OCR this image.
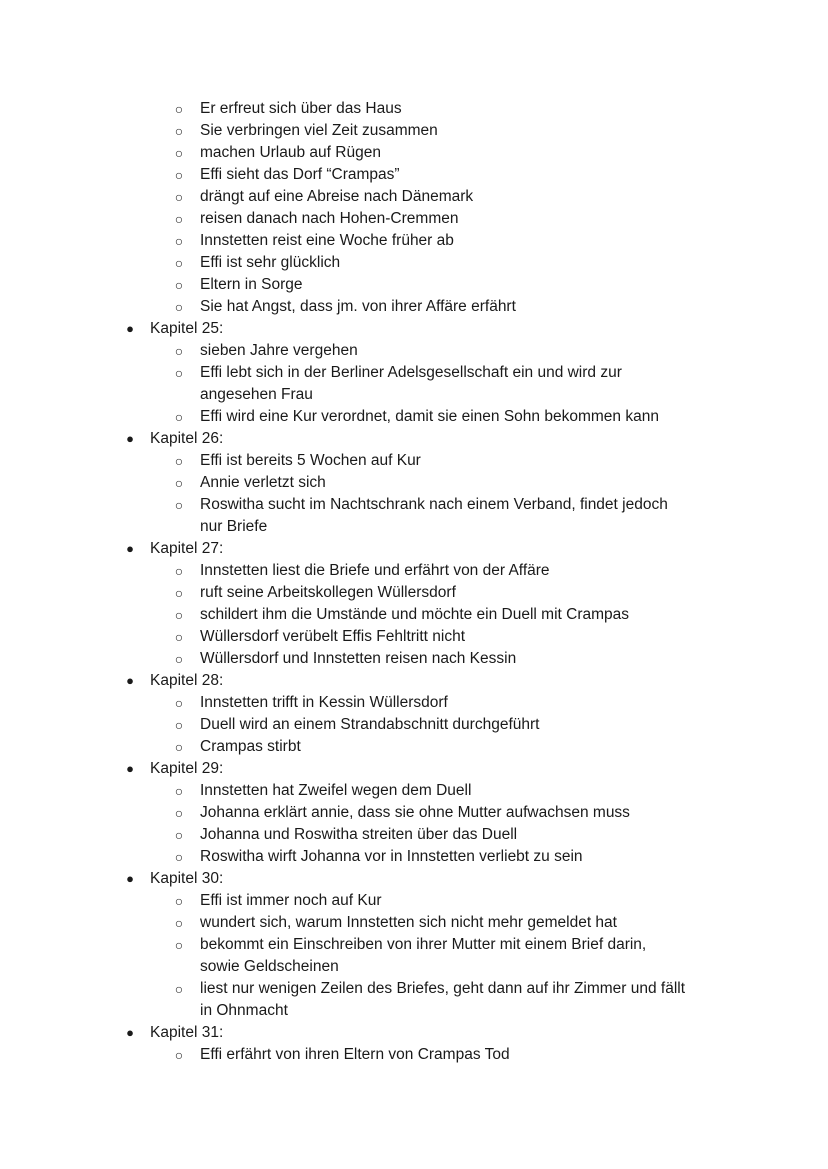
○ Er erfreut sich über das Haus
○ Sie verbringen viel Zeit zusammen
○ machen Urlaub auf Rügen
○ Effi sieht das Dorf “Crampas”
○ drängt auf eine Abreise nach Dänemark
○ reisen danach nach Hohen-Cremmen
○ Innstetten reist eine Woche früher ab
○ Effi ist sehr glücklich
○ Eltern in Sorge
○ Sie hat Angst, dass jm. von ihrer Affäre erfährt
● Kapitel 25:
○ sieben Jahre vergehen
○ Effi lebt sich in der Berliner Adelsgesellschaft ein und wird zur
angesehen Frau
○ Effi wird eine Kur verordnet, damit sie einen Sohn bekommen kann
● Kapitel 26:
○ Effi ist bereits 5 Wochen auf Kur
○ Annie verletzt sich
○ Roswitha sucht im Nachtschrank nach einem Verband, findet jedoch
nur Briefe
● Kapitel 27:
○ Innstetten liest die Briefe und erfährt von der Affäre
○ ruft seine Arbeitskollegen Wüllersdorf
○ schildert ihm die Umstände und möchte ein Duell mit Crampas
○ Wüllersdorf verübelt Effis Fehltritt nicht
○ Wüllersdorf und Innstetten reisen nach Kessin
● Kapitel 28:
○ Innstetten trifft in Kessin Wüllersdorf
○ Duell wird an einem Strandabschnitt durchgeführt
○ Crampas stirbt
● Kapitel 29:
○ Innstetten hat Zweifel wegen dem Duell
○ Johanna erklärt annie, dass sie ohne Mutter aufwachsen muss
○ Johanna und Roswitha streiten über das Duell
○ Roswitha wirft Johanna vor in Innstetten verliebt zu sein
● Kapitel 30:
○ Effi ist immer noch auf Kur
○ wundert sich, warum Innstetten sich nicht mehr gemeldet hat
○ bekommt ein Einschreiben von ihrer Mutter mit einem Brief darin,
sowie Geldscheinen
○ liest nur wenigen Zeilen des Briefes, geht dann auf ihr Zimmer und fällt
in Ohnmacht
● Kapitel 31:
○ Effi erfährt von ihren Eltern von Crampas Tod
